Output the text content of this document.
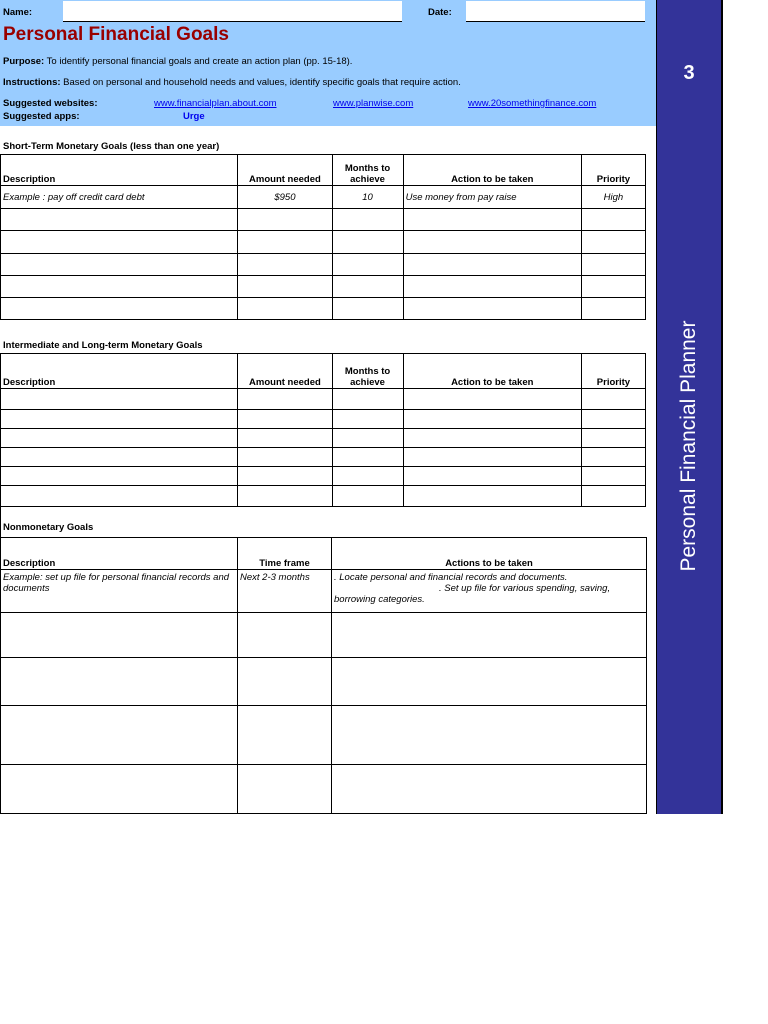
Name:	Date:
Personal Financial Goals
Purpose: To identify personal financial goals and create an action plan (pp. 15-18).
Instructions: Based on personal and household needs and values, identify specific goals that require action.
Suggested websites:	www.financialplan.about.com	www.planwise.com	www.20somethingfinance.com
Suggested apps:	Urge
3
Personal Financial Planner
Short-Term Monetary Goals (less than one year)
Description	Amount needed	Months to achieve	Action to be taken	Priority
Example : pay off credit card debt	$950	10	Use money from pay raise	High

Intermediate and Long-term Monetary Goals
Description	Amount needed	Months to achieve	Action to be taken	Priority

Nonmonetary Goals
Description	Time frame	Actions to be taken
Example: set up file for personal financial records and documents	Next 2-3 months	. Locate personal and financial records and documents.
. Set up file for various spending, saving,
borrowing categories.
